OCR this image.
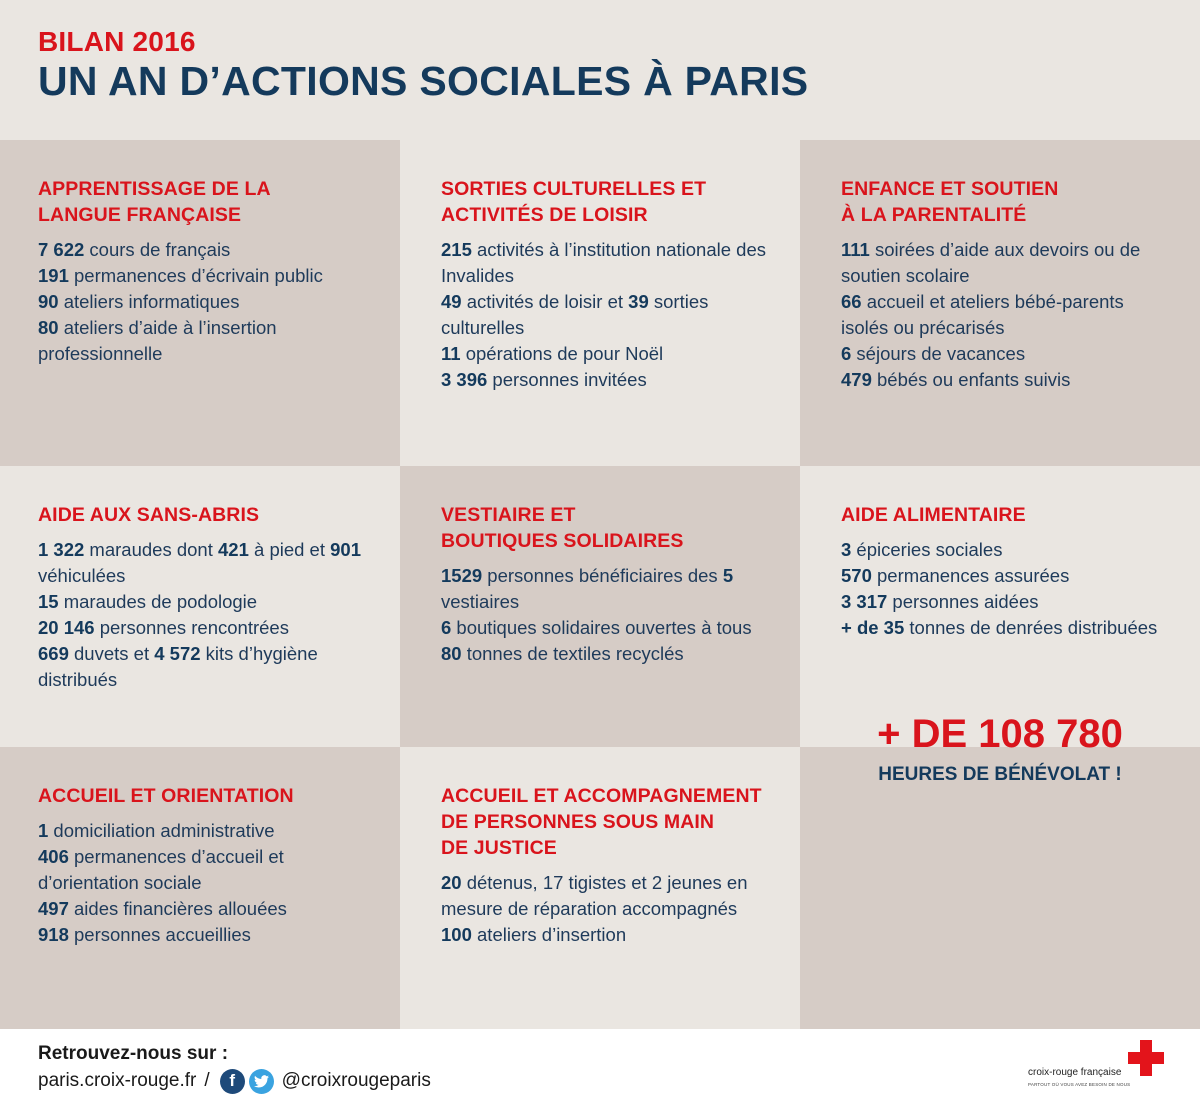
BILAN 2016
UN AN D’ACTIONS SOCIALES À PARIS
APPRENTISSAGE DE LA
LANGUE FRANÇAISE
7 622 cours de français
191 permanences d’écrivain public
90 ateliers informatiques
80 ateliers d’aide à l’insertion professionnelle
SORTIES CULTURELLES ET
ACTIVITÉS DE LOISIR
215 activités à l’institution nationale des Invalides
49 activités de loisir et 39 sorties culturelles
11 opérations de pour Noël
3 396 personnes invitées
ENFANCE ET SOUTIEN
À LA PARENTALITÉ
111 soirées d’aide aux devoirs ou de soutien scolaire
66 accueil et ateliers bébé-parents isolés ou précarisés
6 séjours de vacances
479 bébés ou enfants suivis
AIDE AUX SANS-ABRIS
1 322 maraudes dont 421 à pied et 901 véhiculées
15 maraudes de podologie
20 146 personnes rencontrées
669 duvets et 4 572 kits d’hygiène distribués
VESTIAIRE ET
BOUTIQUES SOLIDAIRES
1529 personnes bénéficiaires des 5 vestiaires
6 boutiques solidaires ouvertes à tous
80 tonnes de textiles recyclés
AIDE ALIMENTAIRE
3 épiceries sociales
570 permanences assurées
3 317 personnes aidées
+ de 35 tonnes de denrées distribuées
ACCUEIL ET ORIENTATION
1 domiciliation administrative
406 permanences d’accueil et d’orientation sociale
497 aides financières allouées
918 personnes accueillies
ACCUEIL ET ACCOMPAGNEMENT
DE PERSONNES SOUS MAIN
DE JUSTICE
20 détenus, 17 tigistes et 2 jeunes en mesure de réparation accompagnés
100 ateliers d’insertion
+ DE 108 780
HEURES DE BÉNÉVOLAT !
Retrouvez-nous sur :
paris.croix-rouge.fr /	f	@croixrougeparis	croix-rouge française
PARTOUT OÙ VOUS AVEZ BESOIN DE NOUS
